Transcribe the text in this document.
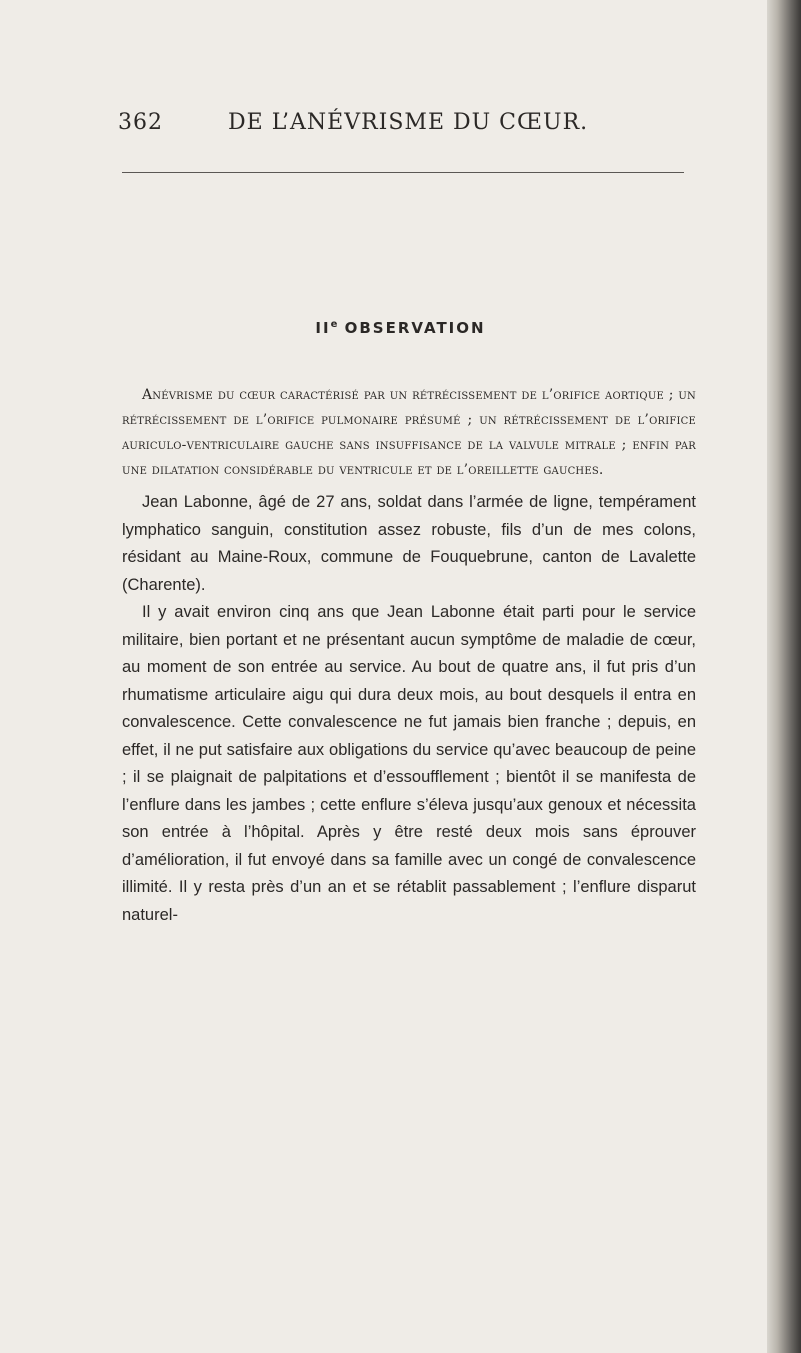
362	DE L’ANÉVRISME DU CŒUR.
IIe OBSERVATION
Anévrisme du cœur caractérisé par un rétrécissement de l’orifice aortique ; un rétrécissement de l’orifice pulmonaire présumé ; un rétrécissement de l’orifice auriculo-ventriculaire gauche sans insuffisance de la valvule mitrale ; enfin par une dilatation considérable du ventricule et de l’oreillette gauches.

Jean Labonne, âgé de 27 ans, soldat dans l’armée de ligne, tempérament lymphatico sanguin, constitution assez robuste, fils d’un de mes colons, résidant au Maine-Roux, commune de Fouquebrune, canton de Lavalette (Charente).

Il y avait environ cinq ans que Jean Labonne était parti pour le service militaire, bien portant et ne présentant aucun symptôme de maladie de cœur, au moment de son entrée au service. Au bout de quatre ans, il fut pris d’un rhumatisme articulaire aigu qui dura deux mois, au bout desquels il entra en convalescence. Cette convalescence ne fut jamais bien franche ; depuis, en effet, il ne put satisfaire aux obligations du service qu’avec beaucoup de peine ; il se plaignait de palpitations et d’essoufflement ; bientôt il se manifesta de l’enflure dans les jambes ; cette enflure s’éleva jusqu’aux genoux et nécessita son entrée à l’hôpital. Après y être resté deux mois sans éprouver d’amélioration, il fut envoyé dans sa famille avec un congé de convalescence illimité. Il y resta près d’un an et se rétablit passablement ; l’enflure disparut naturel-
